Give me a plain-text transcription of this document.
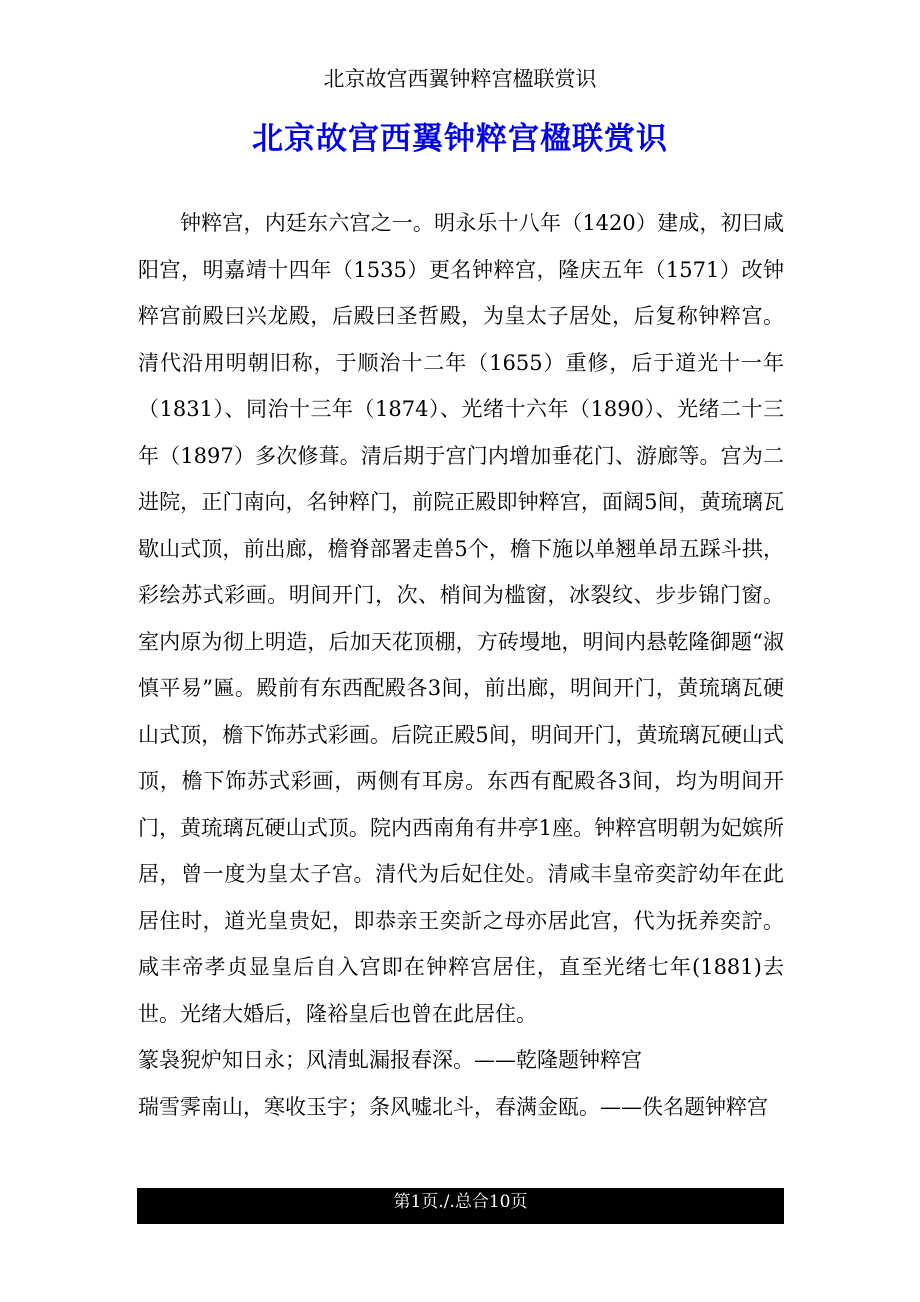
北京故宫西翼钟粹宫楹联赏识
北京故宫西翼钟粹宫楹联赏识

钟粹宫，内廷东六宫之一。明永乐十八年（1420）建成，初曰咸阳宫，明嘉靖十四年（1535）更名钟粹宫，隆庆五年（1571）改钟粹宫前殿曰兴龙殿，后殿曰圣哲殿，为皇太子居处，后复称钟粹宫。清代沿用明朝旧称，于顺治十二年（1655）重修，后于道光十一年（1831）、同治十三年（1874）、光绪十六年（1890）、光绪二十三年（1897）多次修葺。清后期于宫门内增加垂花门、游廊等。宫为二进院，正门南向，名钟粹门，前院正殿即钟粹宫，面阔5间，黄琉璃瓦歇山式顶，前出廊，檐脊部署走兽5个，檐下施以单翘单昂五踩斗拱，彩绘苏式彩画。明间开门，次、梢间为槛窗，冰裂纹、步步锦门窗。室内原为彻上明造，后加天花顶棚，方砖墁地，明间内悬乾隆御题“淑慎平易”匾。殿前有东西配殿各3间，前出廊，明间开门，黄琉璃瓦硬山式顶，檐下饰苏式彩画。后院正殿5间，明间开门，黄琉璃瓦硬山式顶，檐下饰苏式彩画，两侧有耳房。东西有配殿各3间，均为明间开门，黄琉璃瓦硬山式顶。院内西南角有井亭1座。钟粹宫明朝为妃嫔所居，曾一度为皇太子宫。清代为后妃住处。清咸丰皇帝奕詝幼年在此居住时，道光皇贵妃，即恭亲王奕訢之母亦居此宫，代为抚养奕詝。咸丰帝孝贞显皇后自入宫即在钟粹宫居住，直至光绪七年(1881)去世。光绪大婚后，隆裕皇后也曾在此居住。

篆袅猊炉知日永；风清虬漏报春深。——乾隆题钟粹宫

瑞雪霁南山，寒收玉宇；条风嘘北斗，春满金瓯。——佚名题钟粹宫

第1页./.总合10页
